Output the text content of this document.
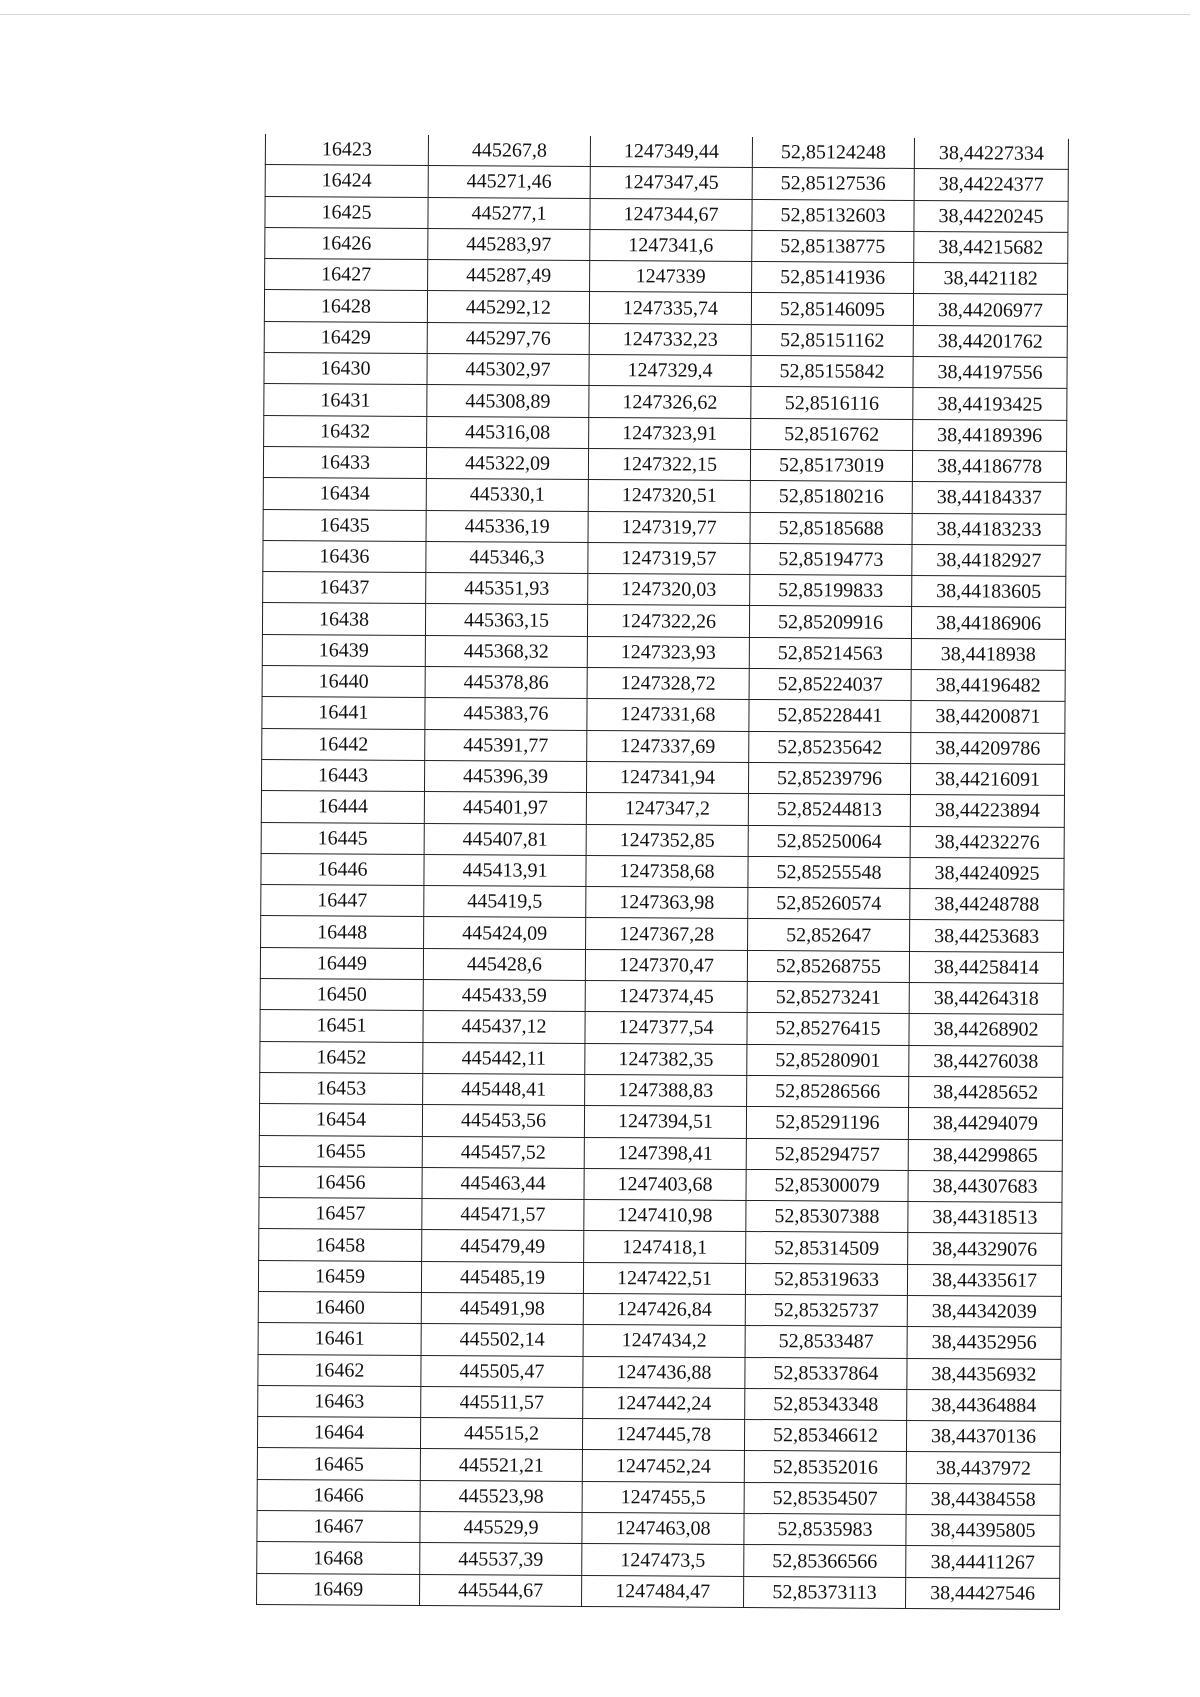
16423	445267,8	1247349,44	52,85124248	38,44227334
16424	445271,46	1247347,45	52,85127536	38,44224377
16425	445277,1	1247344,67	52,85132603	38,44220245
16426	445283,97	1247341,6	52,85138775	38,44215682
16427	445287,49	1247339	52,85141936	38,4421182
16428	445292,12	1247335,74	52,85146095	38,44206977
16429	445297,76	1247332,23	52,85151162	38,44201762
16430	445302,97	1247329,4	52,85155842	38,44197556
16431	445308,89	1247326,62	52,8516116	38,44193425
16432	445316,08	1247323,91	52,8516762	38,44189396
16433	445322,09	1247322,15	52,85173019	38,44186778
16434	445330,1	1247320,51	52,85180216	38,44184337
16435	445336,19	1247319,77	52,85185688	38,44183233
16436	445346,3	1247319,57	52,85194773	38,44182927
16437	445351,93	1247320,03	52,85199833	38,44183605
16438	445363,15	1247322,26	52,85209916	38,44186906
16439	445368,32	1247323,93	52,85214563	38,4418938
16440	445378,86	1247328,72	52,85224037	38,44196482
16441	445383,76	1247331,68	52,85228441	38,44200871
16442	445391,77	1247337,69	52,85235642	38,44209786
16443	445396,39	1247341,94	52,85239796	38,44216091
16444	445401,97	1247347,2	52,85244813	38,44223894
16445	445407,81	1247352,85	52,85250064	38,44232276
16446	445413,91	1247358,68	52,85255548	38,44240925
16447	445419,5	1247363,98	52,85260574	38,44248788
16448	445424,09	1247367,28	52,852647	38,44253683
16449	445428,6	1247370,47	52,85268755	38,44258414
16450	445433,59	1247374,45	52,85273241	38,44264318
16451	445437,12	1247377,54	52,85276415	38,44268902
16452	445442,11	1247382,35	52,85280901	38,44276038
16453	445448,41	1247388,83	52,85286566	38,44285652
16454	445453,56	1247394,51	52,85291196	38,44294079
16455	445457,52	1247398,41	52,85294757	38,44299865
16456	445463,44	1247403,68	52,85300079	38,44307683
16457	445471,57	1247410,98	52,85307388	38,44318513
16458	445479,49	1247418,1	52,85314509	38,44329076
16459	445485,19	1247422,51	52,85319633	38,44335617
16460	445491,98	1247426,84	52,85325737	38,44342039
16461	445502,14	1247434,2	52,8533487	38,44352956
16462	445505,47	1247436,88	52,85337864	38,44356932
16463	445511,57	1247442,24	52,85343348	38,44364884
16464	445515,2	1247445,78	52,85346612	38,44370136
16465	445521,21	1247452,24	52,85352016	38,4437972
16466	445523,98	1247455,5	52,85354507	38,44384558
16467	445529,9	1247463,08	52,8535983	38,44395805
16468	445537,39	1247473,5	52,85366566	38,44411267
16469	445544,67	1247484,47	52,85373113	38,44427546
